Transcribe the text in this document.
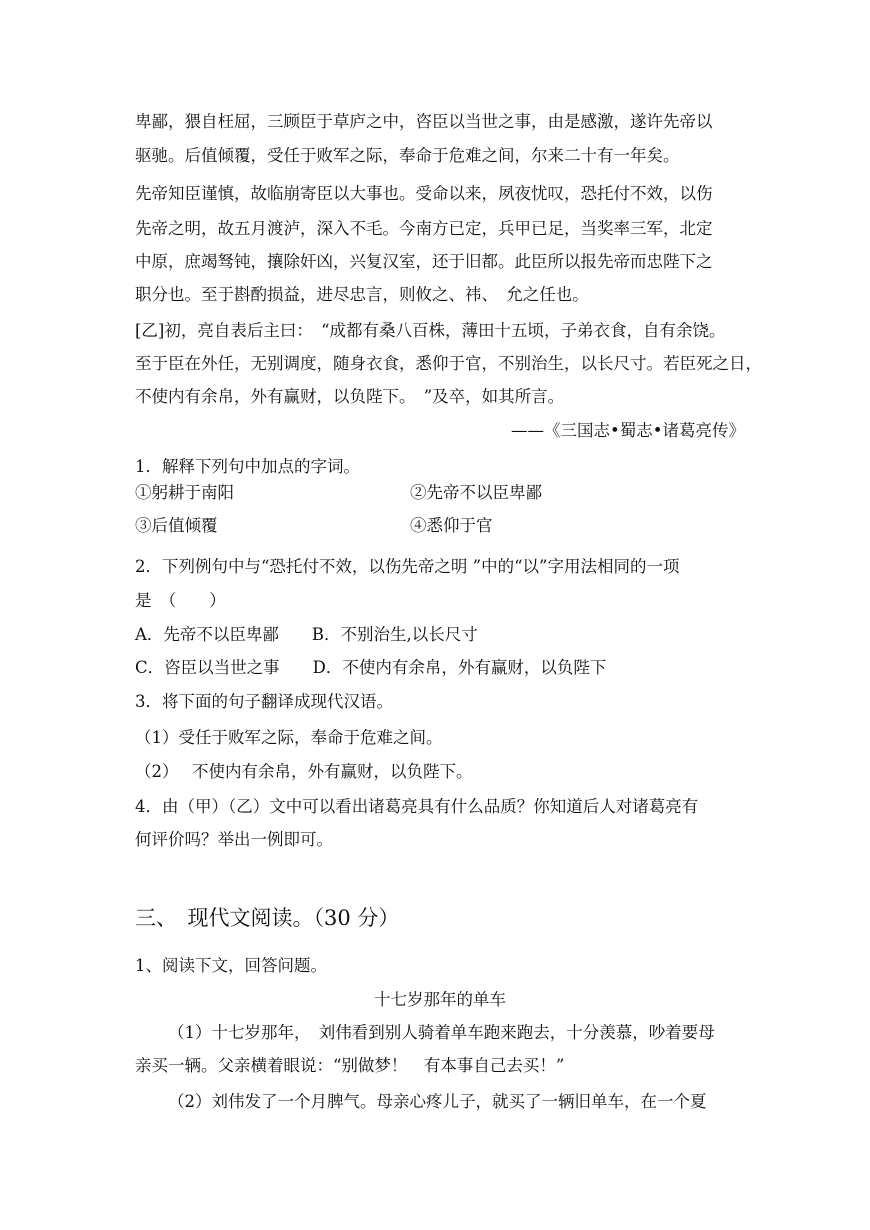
卑鄙，猥自枉屈，三顾臣于草庐之中，咨臣以当世之事，由是感激，遂许先帝以
驱驰。后值倾覆，受任于败军之际，奉命于危难之间，尔来二十有一年矣。
先帝知臣谨慎，故临崩寄臣以大事也。受命以来，夙夜忧叹，恐托付不效，以伤
先帝之明，故五月渡泸，深入不毛。今南方已定，兵甲已足，当奖率三军，北定
中原，庶竭驽钝，攘除奸凶，兴复汉室，还于旧都。此臣所以报先帝而忠陛下之
职分也。至于斟酌损益，进尽忠言，则攸之、祎、　允之任也。
[乙]初，亮自表后主曰：　“成都有桑八百株，薄田十五顷，子弟衣食，自有余饶。
至于臣在外任，无别调度，随身衣食，悉仰于官，不别治生，以长尺寸。若臣死之日，
不使内有余帛，外有赢财，以负陛下。　”及卒，如其所言。
——《三国志•蜀志•诸葛亮传》
1．解释下列句中加点的字词。
①躬耕于南阳	②先帝不以臣卑鄙
③后值倾覆	④悉仰于官
2．下列例句中与“恐托付不效，以伤先帝之明 ”中的“以”字用法相同的一项
是　（　　）
A．先帝不以臣卑鄙 B．不别治生,以长尺寸
C．咨臣以当世之事 D．不使内有余帛，外有赢财，以负陛下
3．将下面的句子翻译成现代汉语。
（1）受任于败军之际，奉命于危难之间。
（2）　 不使内有余帛，外有赢财，以负陛下。
4．由（甲）（乙）文中可以看出诸葛亮具有什么品质？你知道后人对诸葛亮有
何评价吗？举出一例即可。
三、　现代文阅读。（30 分）
1、阅读下文，回答问题。
十七岁那年的单车
（1）十七岁那年，　刘伟看到别人骑着单车跑来跑去，十分羡慕，吵着要母
亲买一辆。父亲横着眼说：“别做梦！　有本事自己去买！”
（2）刘伟发了一个月脾气。母亲心疼儿子，就买了一辆旧单车，在一个夏
